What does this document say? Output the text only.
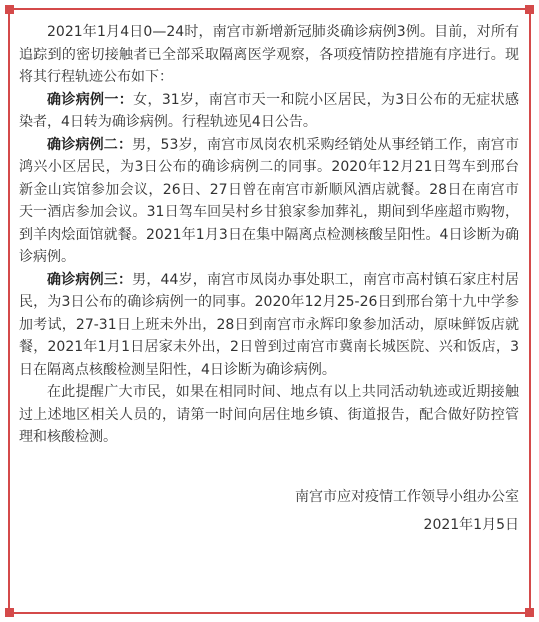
2021年1月4日0—24时，南宫市新增新冠肺炎确诊病例3例。目前，对所有追踪到的密切接触者已全部采取隔离医学观察，各项疫情防控措施有序进行。现将其行程轨迹公布如下：

确诊病例一：女，31岁，南宫市天一和院小区居民，为3日公布的无症状感染者，4日转为确诊病例。行程轨迹见4日公告。

确诊病例二：男，53岁，南宫市凤岗农机采购经销处从事经销工作，南宫市鸿兴小区居民，为3日公布的确诊病例二的同事。2020年12月21日驾车到邢台新金山宾馆参加会议，26日、27日曾在南宫市新顺风酒店就餐。28日在南宫市天一酒店参加会议。31日驾车回吴村乡甘狼家参加葬礼，期间到华座超市购物，到羊肉烩面馆就餐。2021年1月3日在集中隔离点检测核酸呈阳性。4日诊断为确诊病例。

确诊病例三：男，44岁，南宫市凤岗办事处职工，南宫市高村镇石家庄村居民，为3日公布的确诊病例一的同事。2020年12月25-26日到邢台第十九中学参加考试，27-31日上班未外出，28日到南宫市永辉印象参加活动，原味鲜饭店就餐，2021年1月1日居家未外出，2日曾到过南宫市冀南长城医院、兴和饭店，3日在隔离点核酸检测呈阳性，4日诊断为确诊病例。

在此提醒广大市民，如果在相同时间、地点有以上共同活动轨迹或近期接触过上述地区相关人员的，请第一时间向居住地乡镇、街道报告，配合做好防控管理和核酸检测。

南宫市应对疫情工作领导小组办公室
2021年1月5日
